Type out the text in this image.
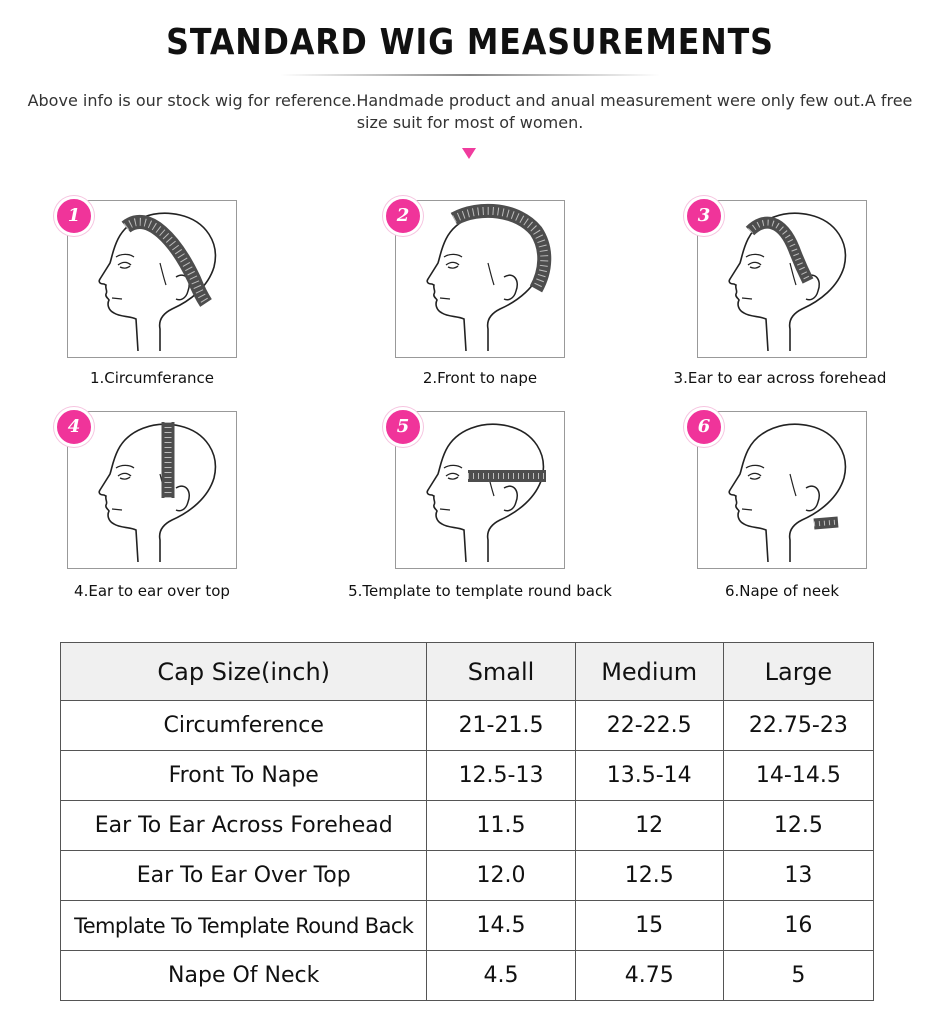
STANDARD WIG MEASUREMENTS
Above info is our stock wig for reference.Handmade product and anual measurement were only few out.A free size suit for most of women.
1
1.Circumferance
2
2.Front to nape
3
3.Ear to ear across forehead
4
4.Ear to ear over top
5
5.Template to template round back
6
6.Nape of neek
Cap Size(inch)	Small	Medium	Large
Circumference	21-21.5	22-22.5	22.75-23
Front To Nape	12.5-13	13.5-14	14-14.5
Ear To Ear Across Forehead	11.5	12	12.5
Ear To Ear Over Top	12.0	12.5	13
Template To Template Round Back	14.5	15	16
Nape Of Neck	4.5	4.75	5
